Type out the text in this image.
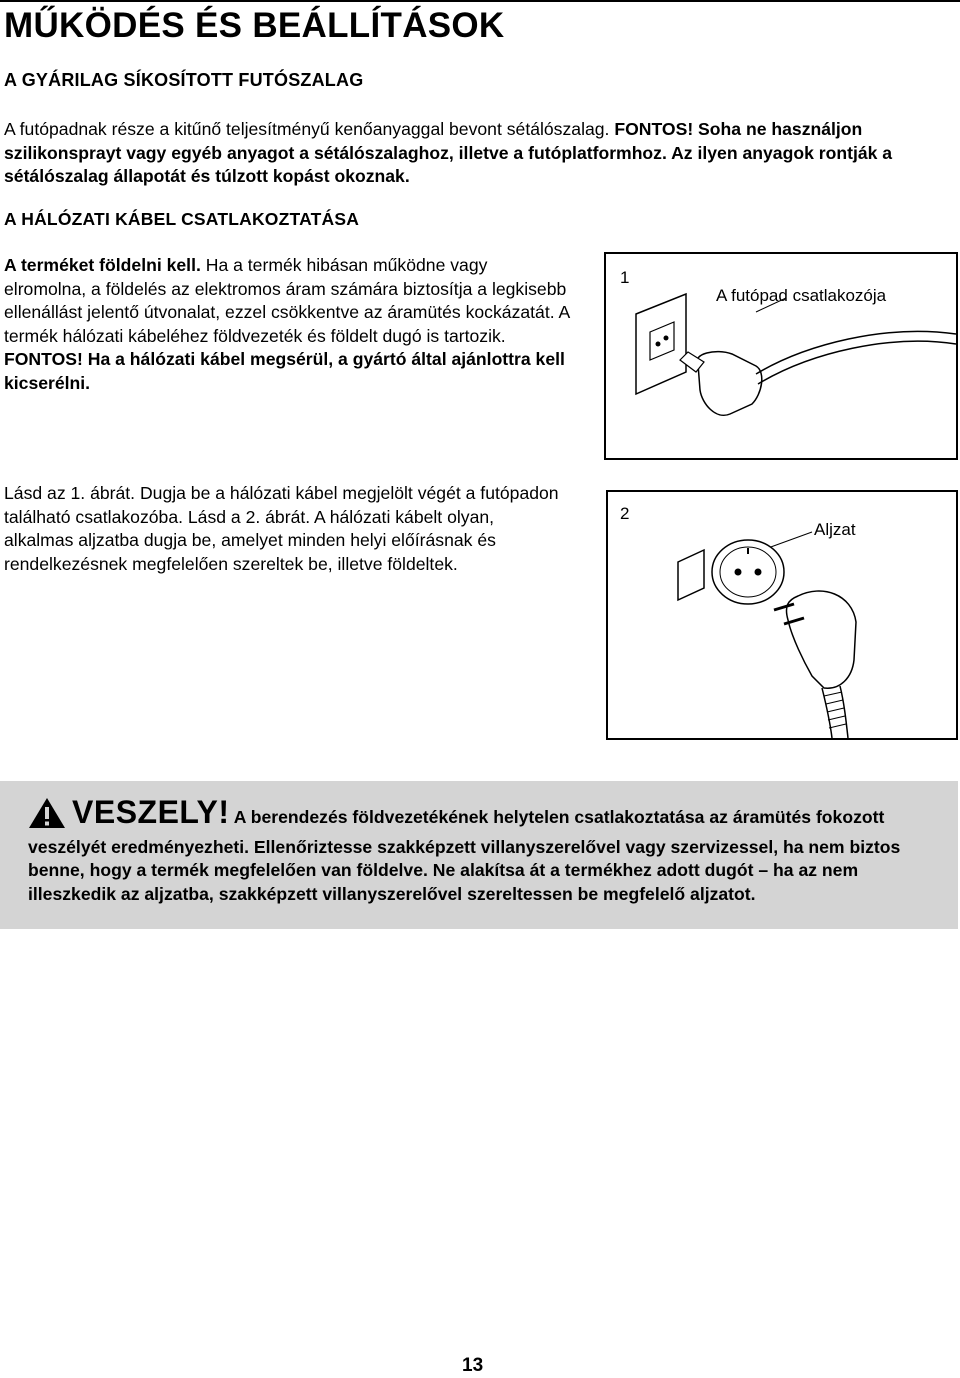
MŰKÖDÉS ÉS BEÁLLÍTÁSOK
A GYÁRILAG SÍKOSÍTOTT FUTÓSZALAG

A futópadnak része a kitűnő teljesítményű kenőanyaggal bevont sétálószalag. FONTOS! Soha ne használjon szilikonsprayt vagy egyéb anyagot a sétálószalaghoz, illetve a futóplatformhoz. Az ilyen anyagok rontják a sétálószalag állapotát és túlzott kopást okoznak.

A HÁLÓZATI KÁBEL CSATLAKOZTATÁSA

A terméket földelni kell. Ha a termék hibásan működne vagy elromolna, a földelés az elektromos áram számára biztosítja a legkisebb ellenállást jelentő útvonalat, ezzel csökkentve az áramütés kockázatát. A termék hálózati kábeléhez földvezeték és földelt dugó is tartozik. FONTOS! Ha a hálózati kábel megsérül, a gyártó által ajánlottra kell kicserélni.

Lásd az 1. ábrát. Dugja be a hálózati kábel megjelölt végét a futópadon található csatlakozóba. Lásd a 2. ábrát. A hálózati kábelt olyan, alkalmas aljzatba dugja be, amelyet minden helyi előírásnak és rendelkezésnek megfelelően szereltek be, illetve földeltek.

1
A futópad csatlakozója
2
Aljzat

VESZELY! A berendezés földvezetékének helytelen csatlakoztatása az áramütés fokozott veszélyét eredményezheti. Ellenőriztesse szakképzett villanyszerelővel vagy szervizessel, ha nem biztos benne, hogy a termék megfelelően van földelve. Ne alakítsa át a termékhez adott dugót – ha az nem illeszkedik az aljzatba, szakképzett villanyszerelővel szereltessen be megfelelő aljzatot.

13
